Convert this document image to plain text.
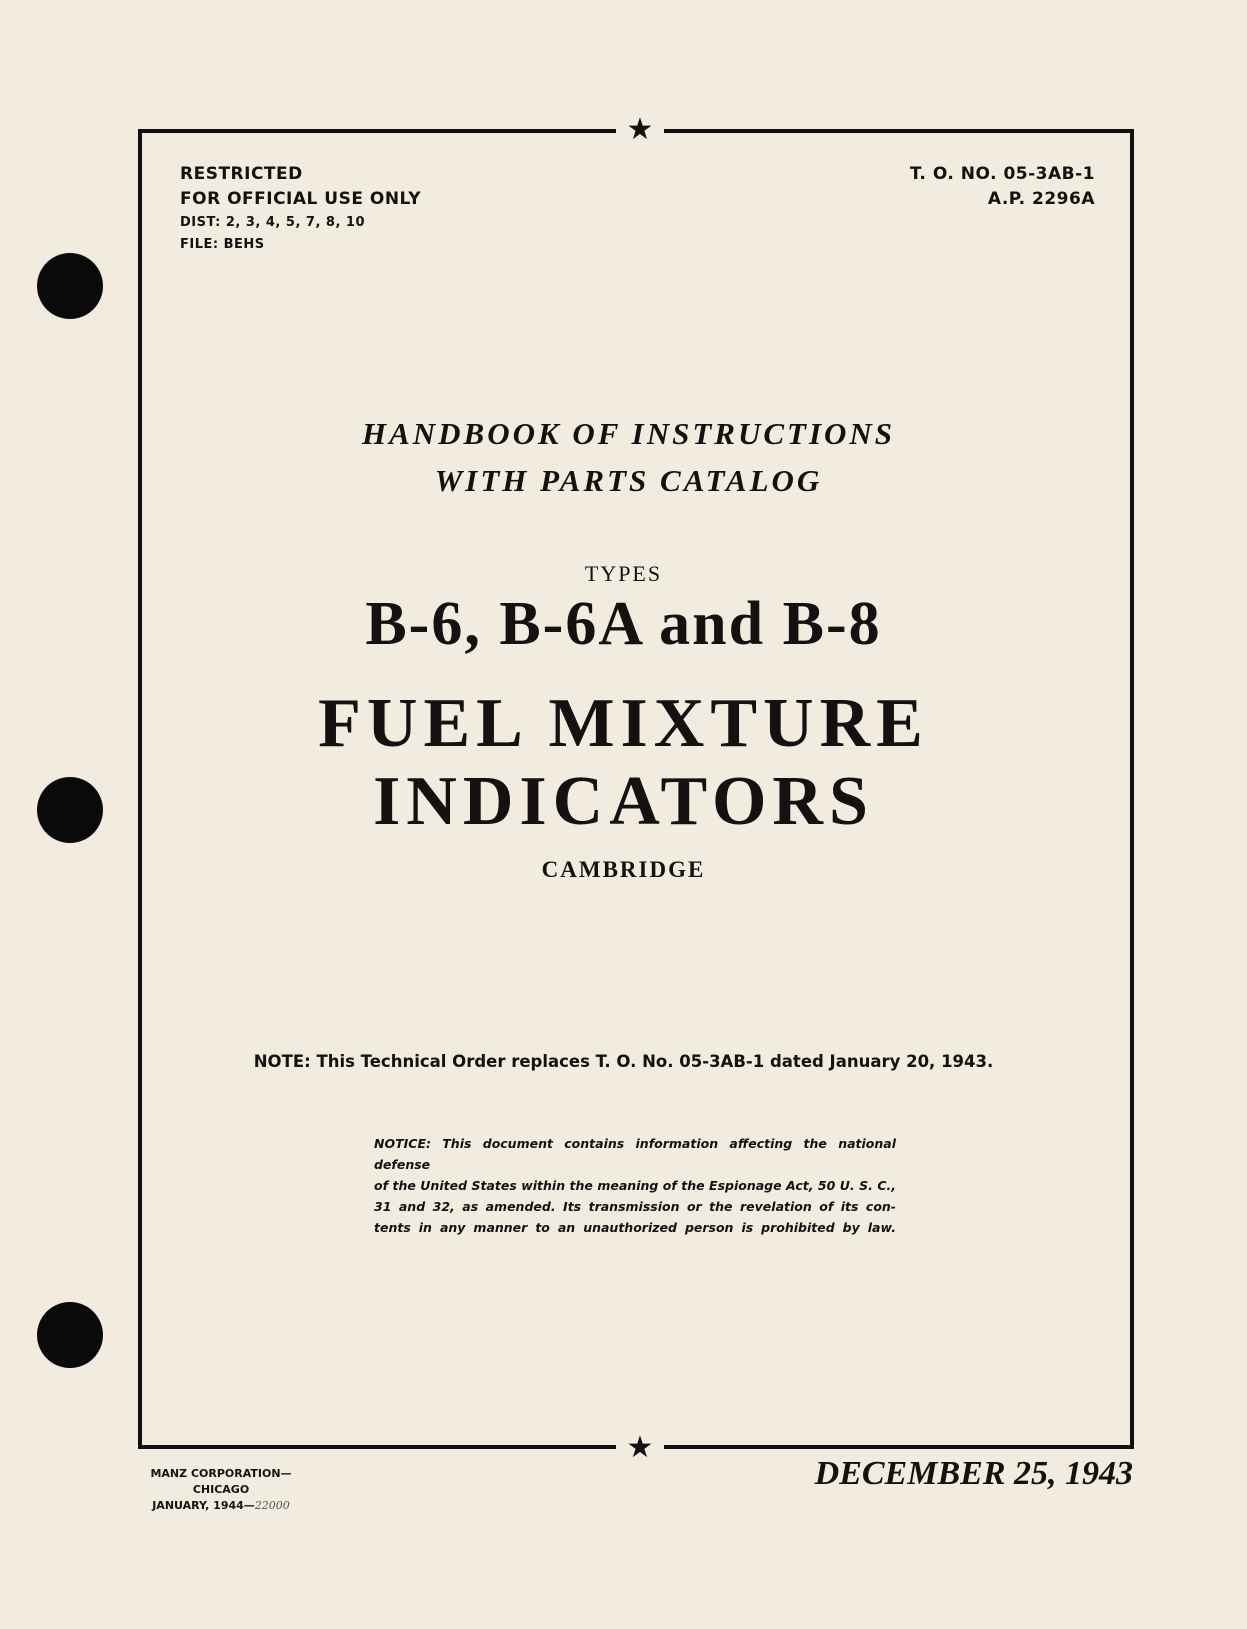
★
★
RESTRICTED
FOR OFFICIAL USE ONLY
DIST: 2, 3, 4, 5, 7, 8, 10
FILE: BEHS
T. O. NO. 05-3AB-1
A.P. 2296A
HANDBOOK OF INSTRUCTIONS
WITH PARTS CATALOG
TYPES
B-6, B-6A and B-8
FUEL MIXTURE
INDICATORS
CAMBRIDGE
NOTE: This Technical Order replaces T. O. No. 05-3AB-1 dated January 20, 1943.
NOTICE: This document contains information affecting the national defense
of the United States within the meaning of the Espionage Act, 50 U. S. C.,
31 and 32, as amended. Its transmission or the revelation of its con-
tents in any manner to an unauthorized person is prohibited by law.
MANZ CORPORATION—CHICAGO
JANUARY, 1944—22000
DECEMBER 25, 1943
